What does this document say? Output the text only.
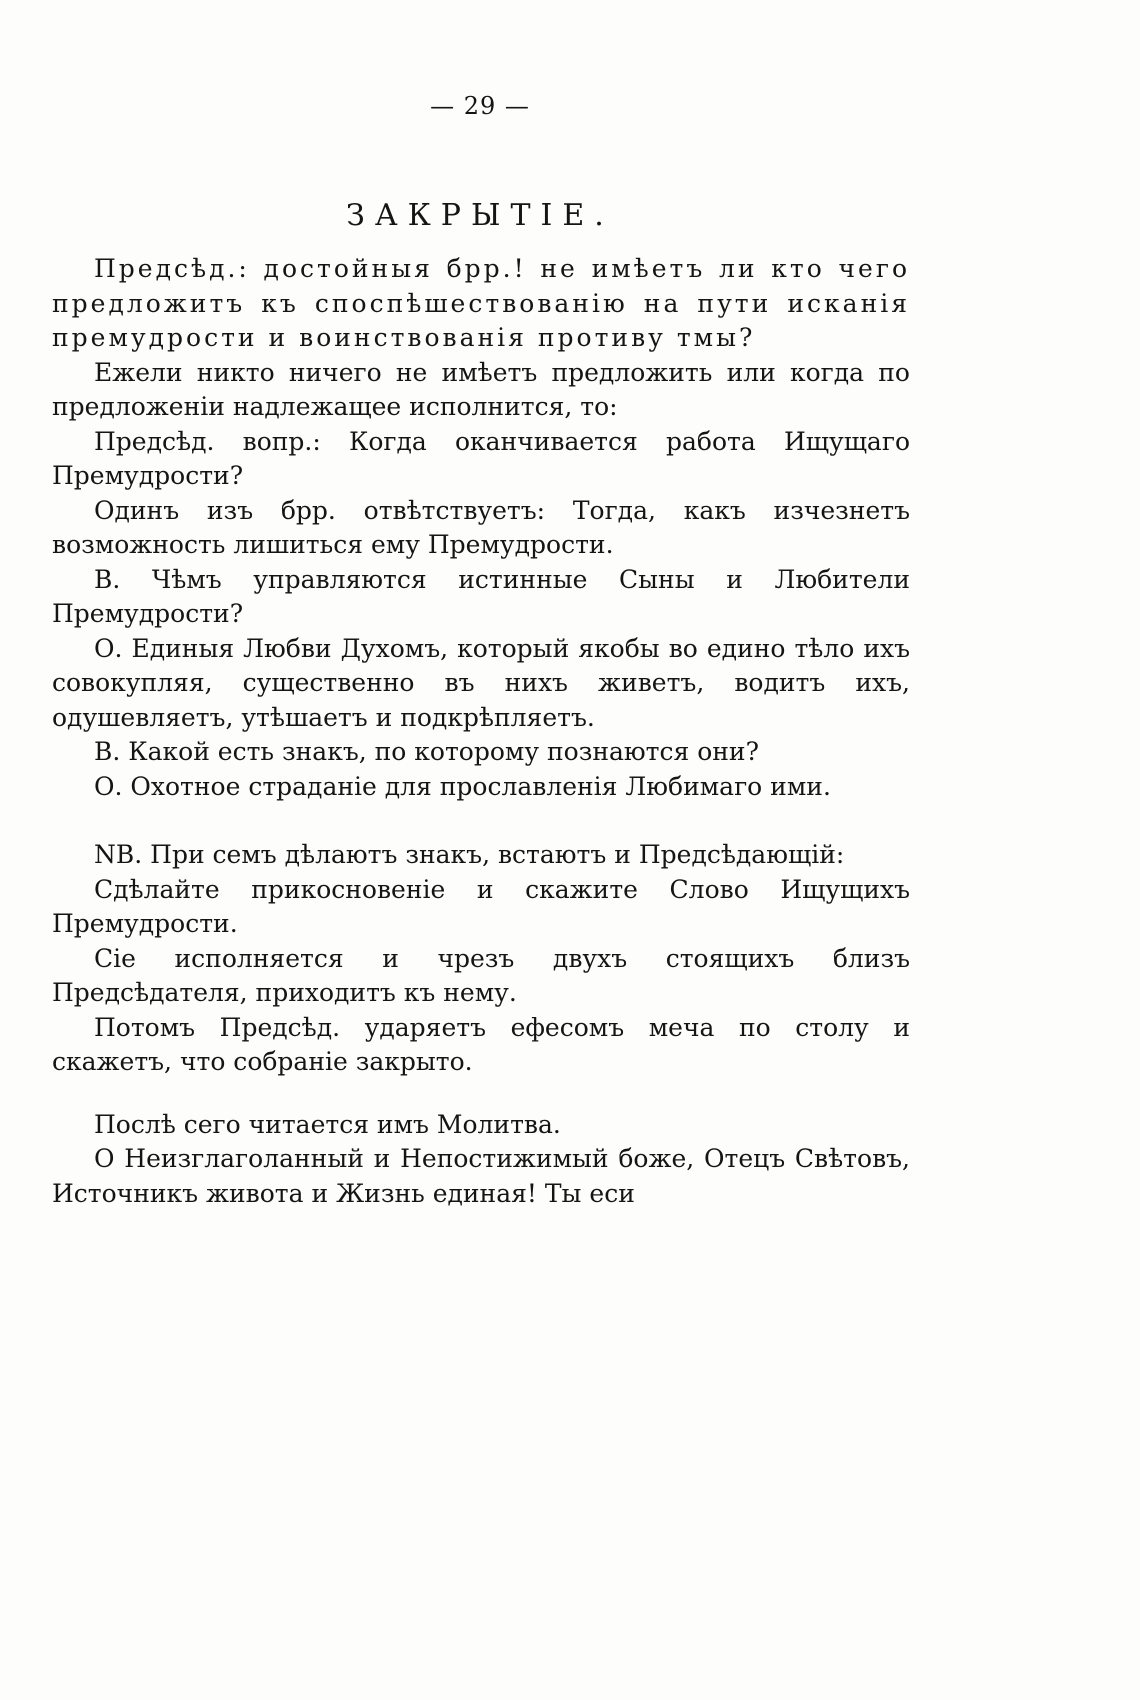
— 29 —
ЗАКРЫТІЕ.

Предсѣд.: достойныя брр.! не имѣетъ ли кто чего предложитъ къ споспѣшествованію на пути исканія премудрости и воинствованія противу тмы?

Ежели никто ничего не имѣетъ предложить или когда по предложеніи надлежащее исполнится, то:

Предсѣд. вопр.: Когда оканчивается работа Ищущаго Премудрости?

Одинъ изъ брр. отвѣтствуетъ: Тогда, какъ изчезнетъ возможность лишиться ему Премудрости.

В. Чѣмъ управляются истинные Сыны и Любители Премудрости?

О. Единыя Любви Духомъ, который якобы во едино тѣло ихъ совокупляя, существенно въ нихъ живетъ, водитъ ихъ, одушевляетъ, утѣшаетъ и подкрѣпляетъ.

В. Какой есть знакъ, по которому познаются они?

О. Охотное страданіе для прославленія Любимаго ими.

NB. При семъ дѣлаютъ знакъ, встаютъ и Предсѣдающій:

Сдѣлайте прикосновеніе и скажите Слово Ищущихъ Премудрости.

Сіе исполняется и чрезъ двухъ стоящихъ близъ Предсѣдателя, приходитъ къ нему.

Потомъ Предсѣд. ударяетъ ефесомъ меча по столу и скажетъ, что собраніе закрыто.

Послѣ сего читается имъ Молитва.

О Неизглаголанный и Непостижимый боже, Отецъ Свѣтовъ, Источникъ живота и Жизнь единая! Ты еси
